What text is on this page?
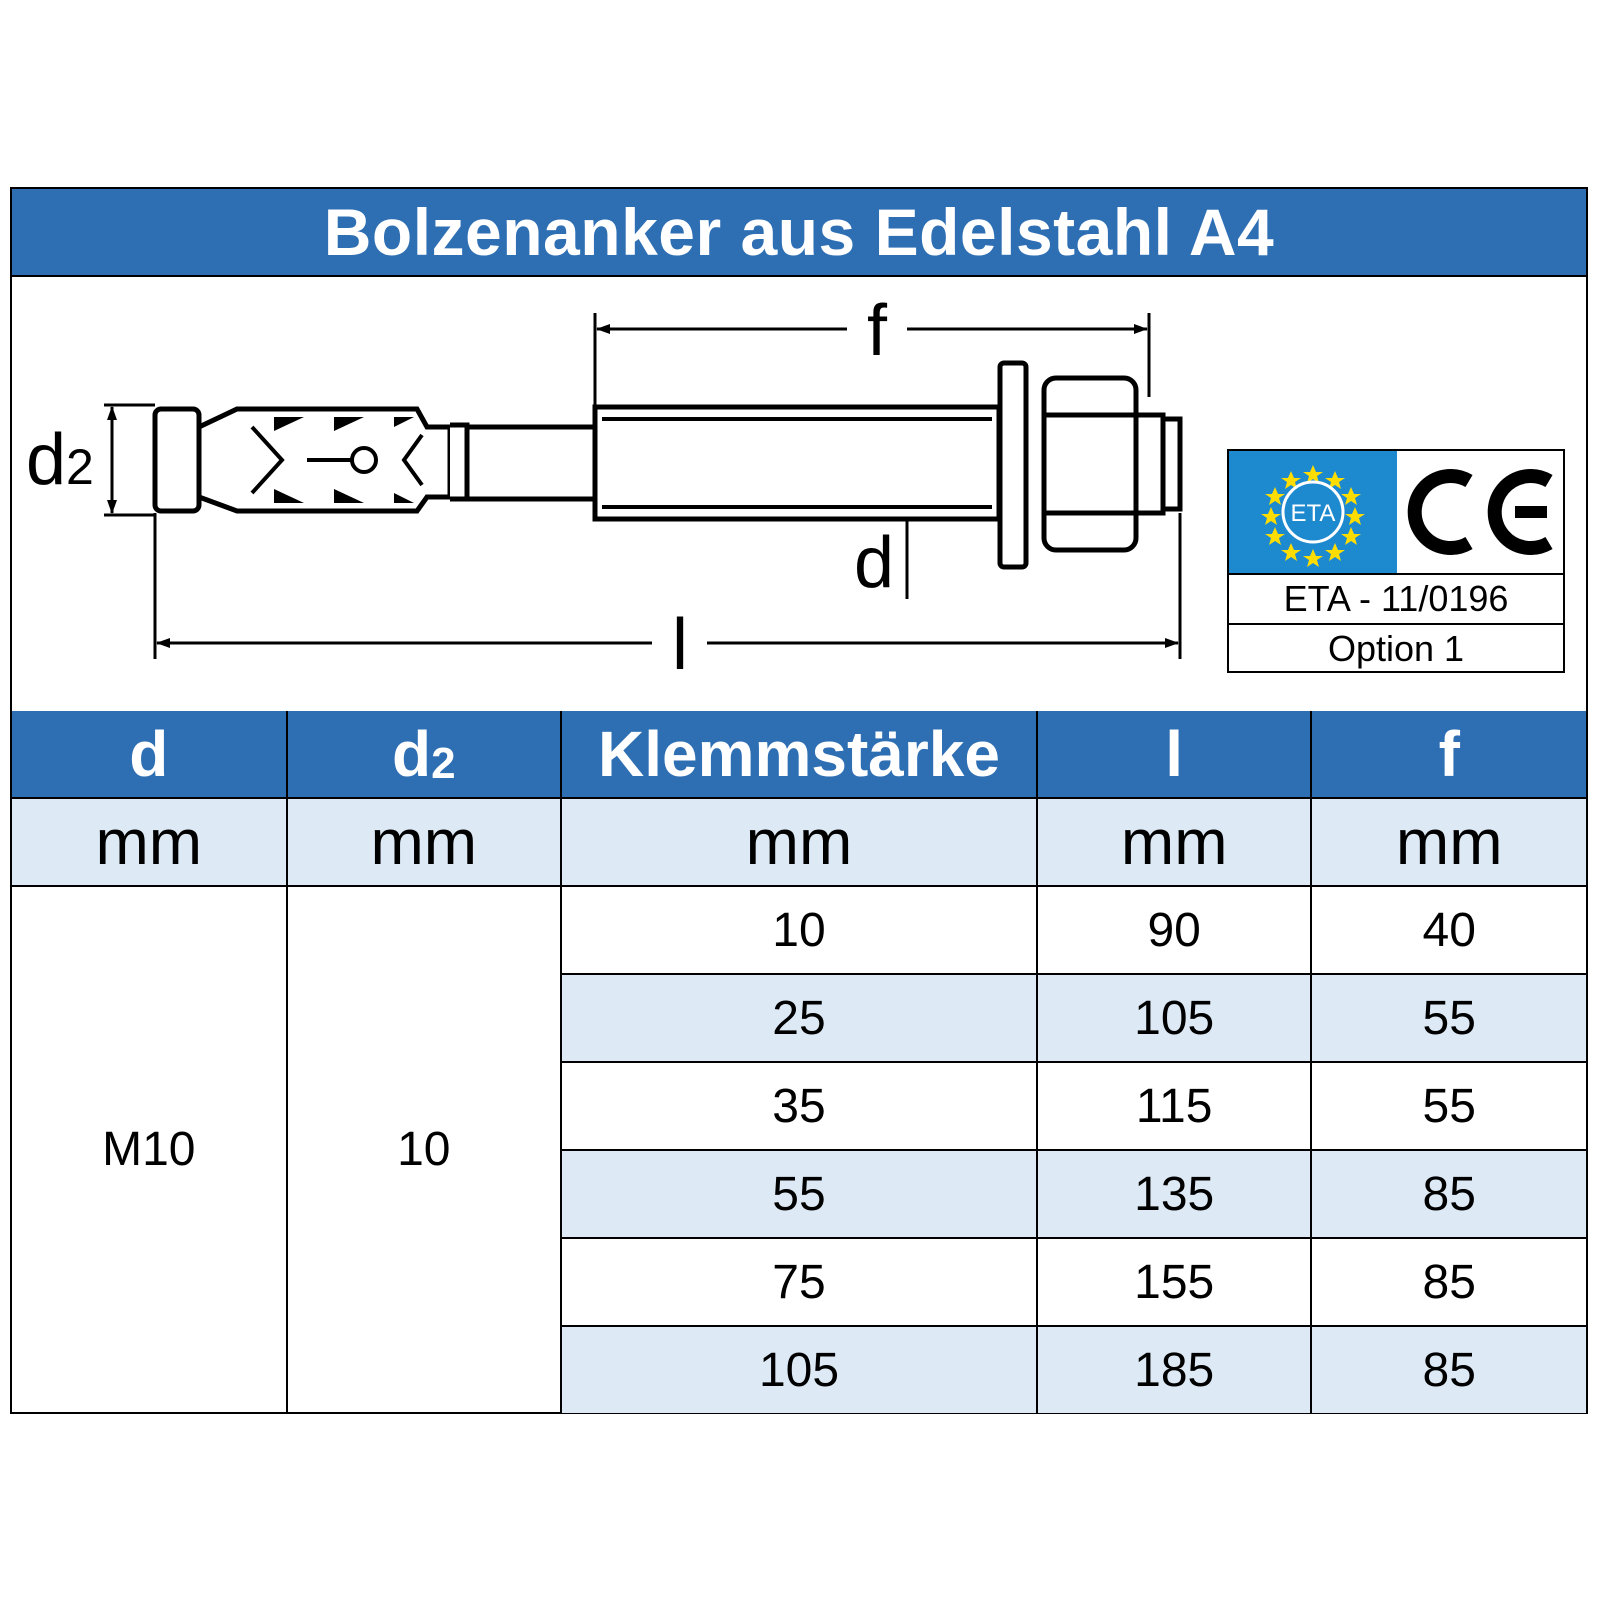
Bolzenanker aus Edelstahl A4
f
d2
d
l
ETA
ETA - 11/0196
Option 1
d	$d_2$	Klemmstärke	l	f
mm	mm	mm	mm	mm
M10	10	10	90	40
		25	105	55
		35	115	55
		55	135	85
		75	155	85
		105	185	85
